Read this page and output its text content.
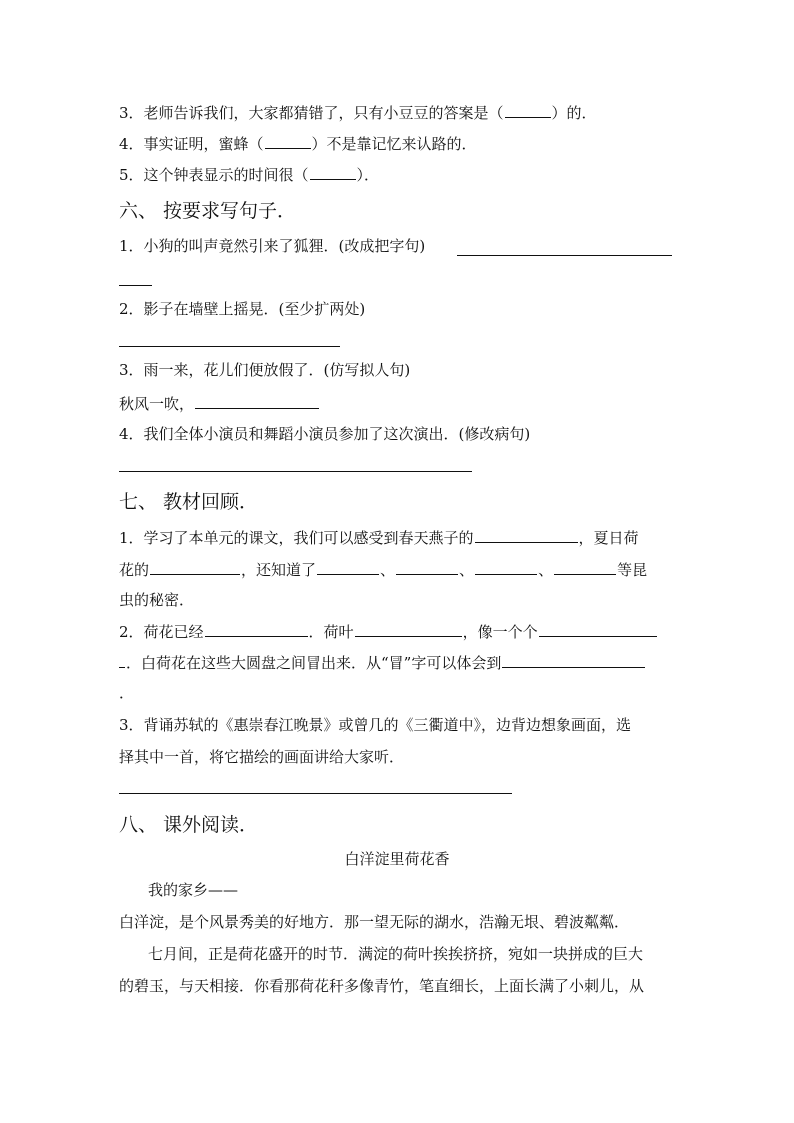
3．老师告诉我们，大家都猜错了，只有小豆豆的答案是（	）的．
4．事实证明，蜜蜂（	）不是靠记忆来认路的．
5．这个钟表显示的时间很（	）．
六、 按要求写句子．
1．小狗的叫声竟然引来了狐狸．(改成把字句)
2．影子在墙壁上摇晃．(至少扩两处)
3．雨一来，花儿们便放假了．(仿写拟人句)
秋风一吹，
4．我们全体小演员和舞蹈小演员参加了这次演出．(修改病句)
七、 教材回顾．
1．学习了本单元的课文，我们可以感受到春天燕子的	，夏日荷
花的	，还知道了	、	、	、	等昆
虫的秘密．
2．荷花已经	．荷叶	，像一个个
．白荷花在这些大圆盘之间冒出来．从“冒”字可以体会到
．
3．背诵苏轼的《惠崇春江晚景》或曾几的《三衢道中》，边背边想象画面，选
择其中一首，将它描绘的画面讲给大家听．
八、 课外阅读．
白洋淀里荷花香
我的家乡——
白洋淀，是个风景秀美的好地方．那一望无际的湖水，浩瀚无垠、碧波粼粼．
七月间，正是荷花盛开的时节．满淀的荷叶挨挨挤挤，宛如一块拼成的巨大
的碧玉，与天相接．你看那荷花秆多像青竹，笔直细长，上面长满了小刺儿，从
